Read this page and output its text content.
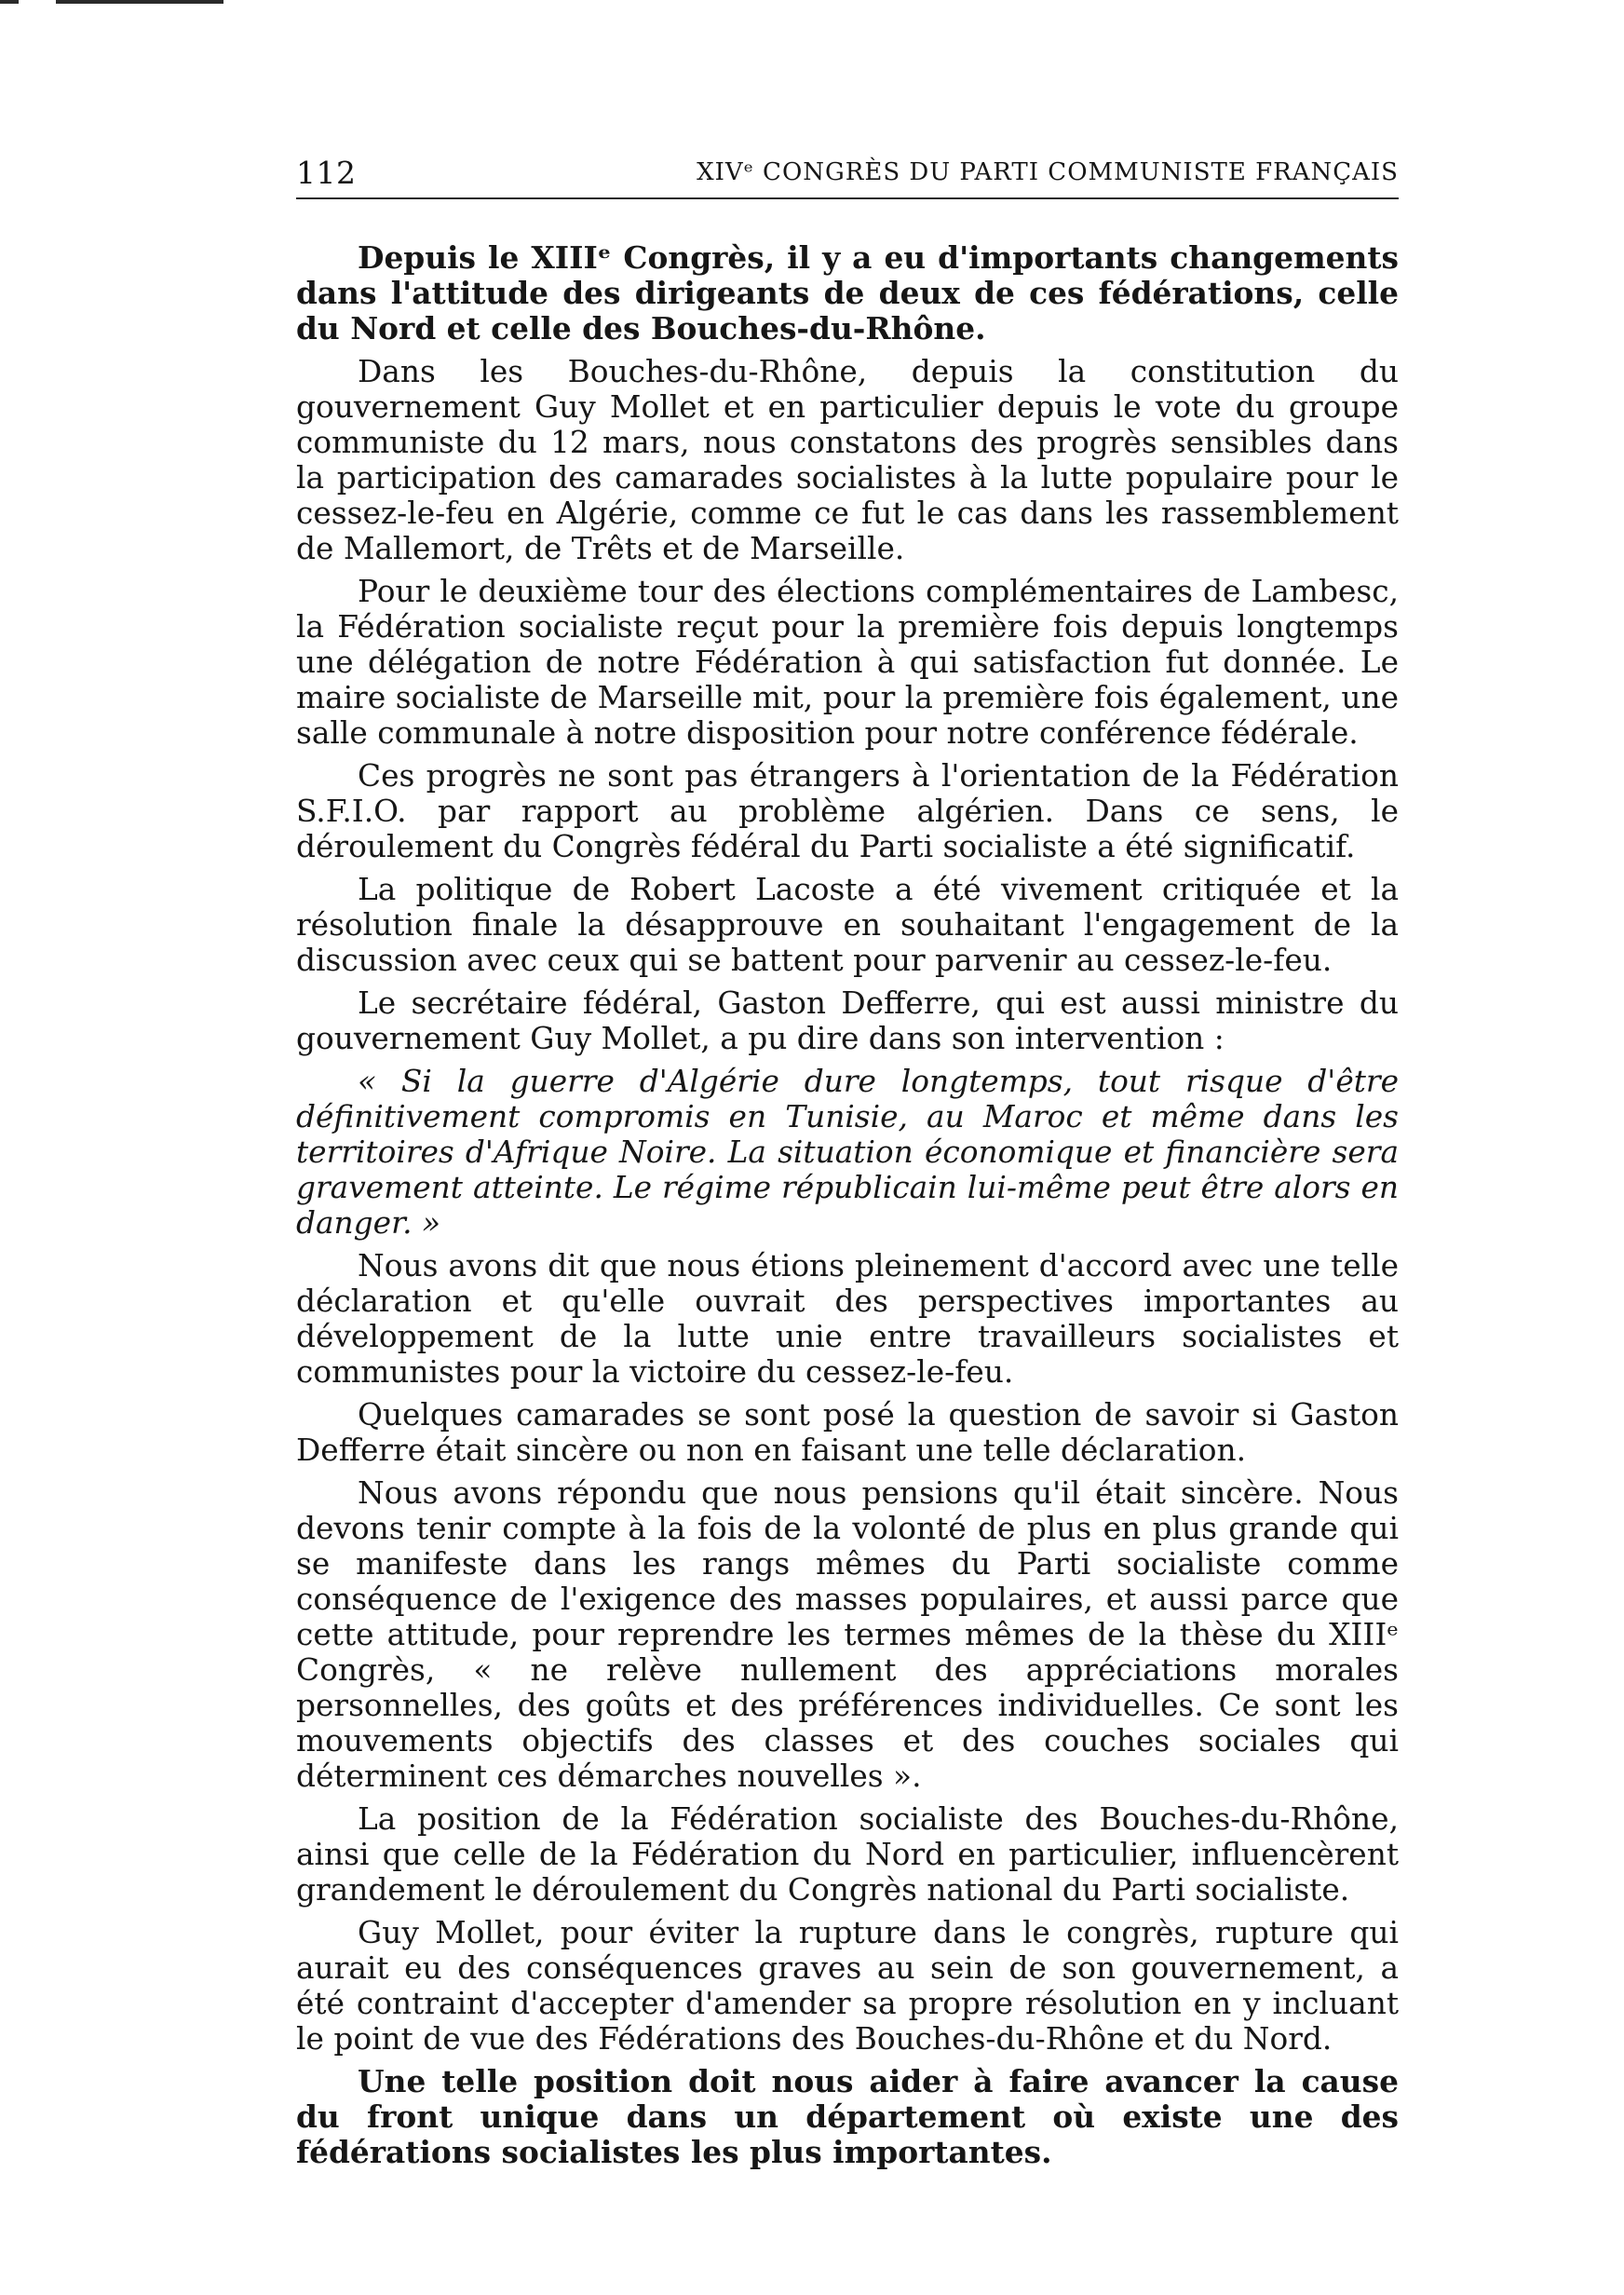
112	XIVᵉ CONGRÈS DU PARTI COMMUNISTE FRANÇAIS

Depuis le XIIIᵉ Congrès, il y a eu d'importants changements dans l'attitude des dirigeants de deux de ces fédérations, celle du Nord et celle des Bouches-du-Rhône.

Dans les Bouches-du-Rhône, depuis la constitution du gouvernement Guy Mollet et en particulier depuis le vote du groupe communiste du 12 mars, nous constatons des progrès sensibles dans la participation des camarades socialistes à la lutte populaire pour le cessez-le-feu en Algérie, comme ce fut le cas dans les rassemblement de Mallemort, de Trêts et de Marseille.

Pour le deuxième tour des élections complémentaires de Lambesc, la Fédération socialiste reçut pour la première fois depuis longtemps une délégation de notre Fédération à qui satisfaction fut donnée. Le maire socialiste de Marseille mit, pour la première fois également, une salle communale à notre disposition pour notre conférence fédérale.

Ces progrès ne sont pas étrangers à l'orientation de la Fédération S.F.I.O. par rapport au problème algérien. Dans ce sens, le déroulement du Congrès fédéral du Parti socialiste a été significatif.

La politique de Robert Lacoste a été vivement critiquée et la résolution finale la désapprouve en souhaitant l'engagement de la discussion avec ceux qui se battent pour parvenir au cessez-le-feu.

Le secrétaire fédéral, Gaston Defferre, qui est aussi ministre du gouvernement Guy Mollet, a pu dire dans son intervention :

« Si la guerre d'Algérie dure longtemps, tout risque d'être définitivement compromis en Tunisie, au Maroc et même dans les territoires d'Afrique Noire. La situation économique et financière sera gravement atteinte. Le régime républicain lui-même peut être alors en danger. »

Nous avons dit que nous étions pleinement d'accord avec une telle déclaration et qu'elle ouvrait des perspectives importantes au développement de la lutte unie entre travailleurs socialistes et communistes pour la victoire du cessez-le-feu.

Quelques camarades se sont posé la question de savoir si Gaston Defferre était sincère ou non en faisant une telle déclaration.

Nous avons répondu que nous pensions qu'il était sincère. Nous devons tenir compte à la fois de la volonté de plus en plus grande qui se manifeste dans les rangs mêmes du Parti socialiste comme conséquence de l'exigence des masses populaires, et aussi parce que cette attitude, pour reprendre les termes mêmes de la thèse du XIIIᵉ Congrès, « ne relève nullement des appréciations morales personnelles, des goûts et des préférences individuelles. Ce sont les mouvements objectifs des classes et des couches sociales qui déterminent ces démarches nouvelles ».

La position de la Fédération socialiste des Bouches-du-Rhône, ainsi que celle de la Fédération du Nord en particulier, influencèrent grandement le déroulement du Congrès national du Parti socialiste.

Guy Mollet, pour éviter la rupture dans le congrès, rupture qui aurait eu des conséquences graves au sein de son gouvernement, a été contraint d'accepter d'amender sa propre résolution en y incluant le point de vue des Fédérations des Bouches-du-Rhône et du Nord.

Une telle position doit nous aider à faire avancer la cause du front unique dans un département où existe une des fédérations socialistes les plus importantes.
